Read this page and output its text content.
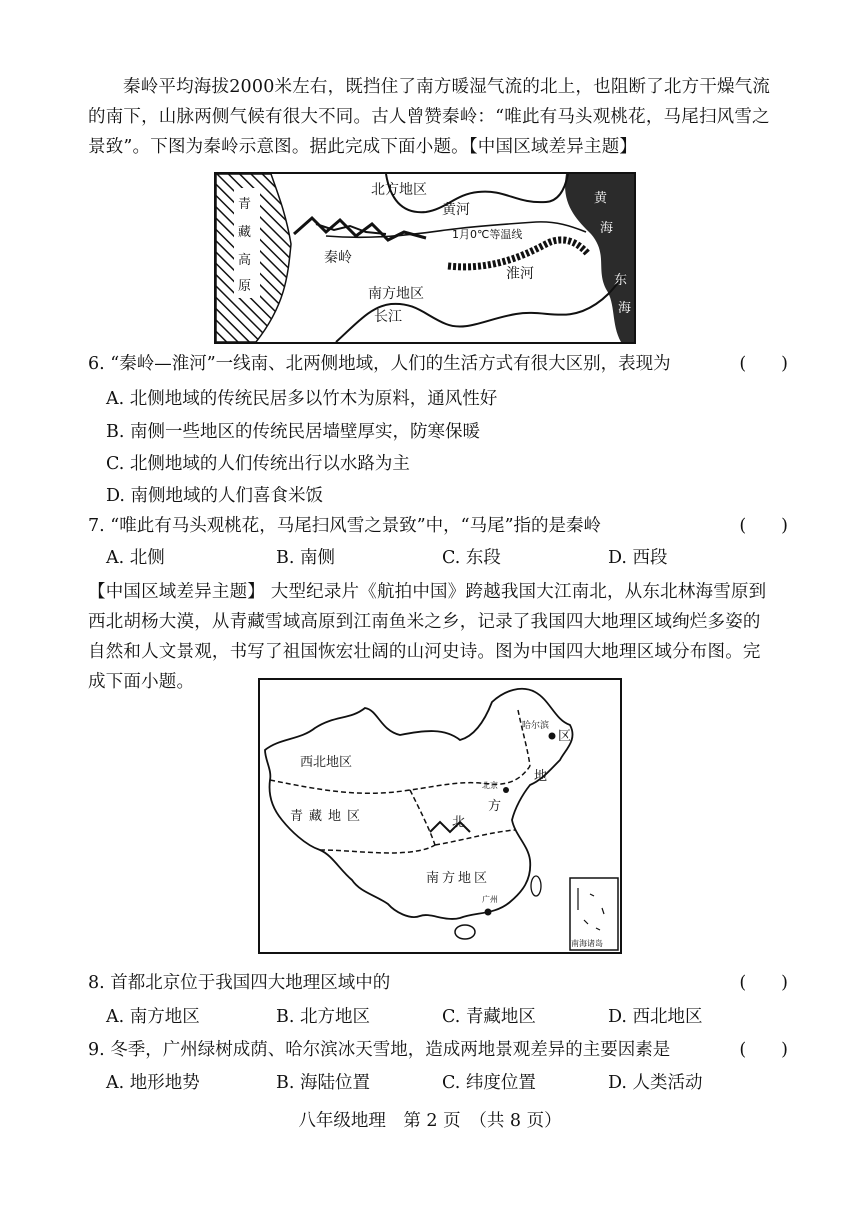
秦岭平均海拔2000米左右，既挡住了南方暖湿气流的北上，也阻断了北方干燥气流的南下，山脉两侧气候有很大不同。古人曾赞秦岭：“唯此有马头观桃花，马尾扫风雪之景致”。下图为秦岭示意图。据此完成下面小题。【中国区域差异主题】
北方地区
黄河
1月0℃等温线
秦岭
淮河
南方地区
长江
青
藏
高
原
黄
海
东
海
6. “秦岭—淮河”一线南、北两侧地域，人们的生活方式有很大区别，表现为	(　　)
A. 北侧地域的传统民居多以竹木为原料，通风性好
B. 南侧一些地区的传统民居墙壁厚实，防寒保暖
C. 北侧地域的人们传统出行以水路为主
D. 南侧地域的人们喜食米饭
7. “唯此有马头观桃花，马尾扫风雪之景致”中，“马尾”指的是秦岭	(　　)
A. 北侧	B. 南侧	C. 东段	D. 西段
【中国区域差异主题】 大型纪录片《航拍中国》跨越我国大江南北，从东北林海雪原到西北胡杨大漠，从青藏雪域高原到江南鱼米之乡，记录了我国四大地理区域绚烂多姿的自然和人文景观，书写了祖国恢宏壮阔的山河史诗。图为中国四大地理区域分布图。完成下面小题。
西北地区
青藏地区
南方地区
区
地
方
北
哈尔滨
北京
广州
南海诸岛
8. 首都北京位于我国四大地理区域中的	(　　)
A. 南方地区	B. 北方地区	C. 青藏地区	D. 西北地区
9. 冬季，广州绿树成荫、哈尔滨冰天雪地，造成两地景观差异的主要因素是	(　　)
A. 地形地势	B. 海陆位置	C. 纬度位置	D. 人类活动
八年级地理　第 2 页　（共 8 页）
